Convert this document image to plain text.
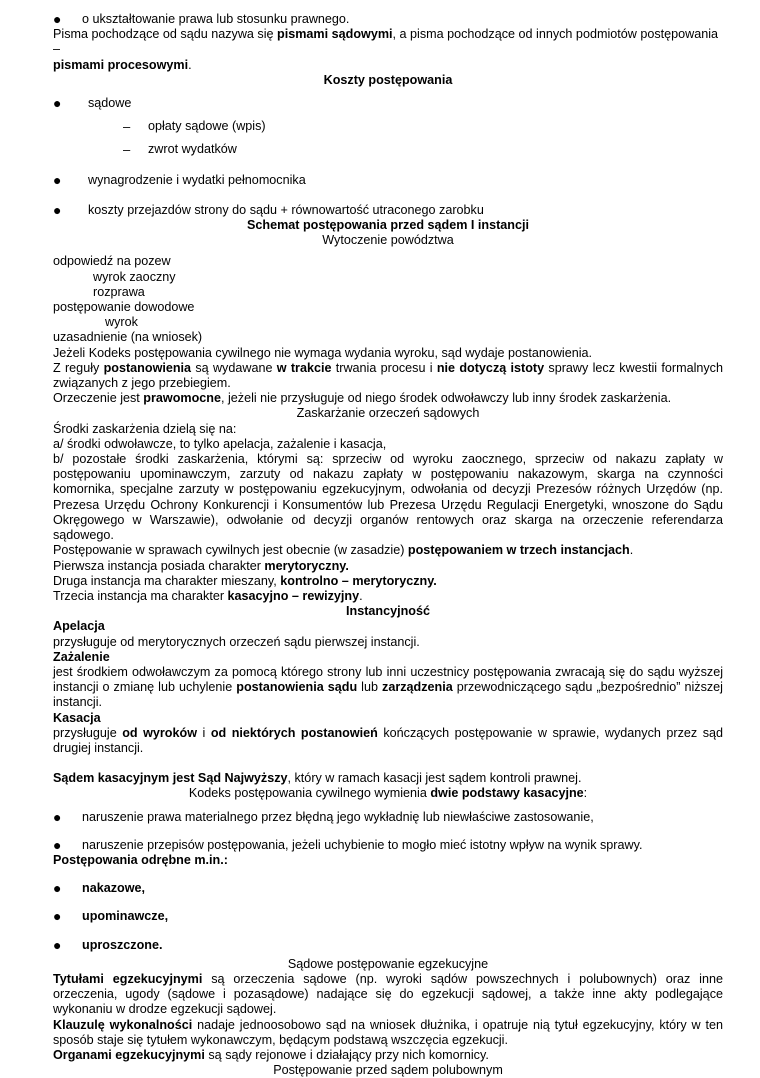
● o ukształtowanie prawa lub stosunku prawnego.

Pisma pochodzące od sądu nazywa się pismami sądowymi, a pisma pochodzące od innych podmiotów postępowania –
pismami procesowymi.

Koszty postępowania

● sądowe
– opłaty sądowe (wpis)
– zwrot wydatków
● wynagrodzenie i wydatki pełnomocnika
● koszty przejazdów strony do sądu + równowartość utraconego zarobku

Schemat postępowania przed sądem I instancji

Wytoczenie powództwa

odpowiedź na pozew

wyrok zaoczny

rozprawa

postępowanie dowodowe

wyrok

uzasadnienie (na wniosek)

Jeżeli Kodeks postępowania cywilnego nie wymaga wydania wyroku, sąd wydaje postanowienia.

Z reguły postanowienia są wydawane w trakcie trwania procesu i nie dotyczą istoty sprawy lecz kwestii formalnych związanych z jego przebiegiem.

Orzeczenie jest prawomocne, jeżeli nie przysługuje od niego środek odwoławczy lub inny środek zaskarżenia.

Zaskarżanie orzeczeń sądowych

Środki zaskarżenia dzielą się na:

a/ środki odwoławcze, to tylko apelacja, zażalenie i kasacja,

b/ pozostałe środki zaskarżenia, którymi są: sprzeciw od wyroku zaocznego, sprzeciw od nakazu zapłaty w postępowaniu upominawczym, zarzuty od nakazu zapłaty w postępowaniu nakazowym, skarga na czynności komornika, specjalne zarzuty w postępowaniu egzekucyjnym, odwołania od decyzji Prezesów różnych Urzędów (np. Prezesa Urzędu Ochrony Konkurencji i Konsumentów lub Prezesa Urzędu Regulacji Energetyki, wnoszone do Sądu Okręgowego w Warszawie), odwołanie od decyzji organów rentowych oraz skarga na orzeczenie referendarza sądowego.

Postępowanie w sprawach cywilnych jest obecnie (w zasadzie) postępowaniem w trzech instancjach.

Pierwsza instancja posiada charakter merytoryczny.

Druga instancja ma charakter mieszany, kontrolno – merytoryczny.

Trzecia instancja ma charakter kasacyjno – rewizyjny.

Instancyjność

Apelacja

przysługuje od merytorycznych orzeczeń sądu pierwszej instancji.

Zażalenie

jest środkiem odwoławczym za pomocą którego strony lub inni uczestnicy postępowania zwracają się do sądu wyższej instancji o zmianę lub uchylenie postanowienia sądu lub zarządzenia przewodniczącego sądu „bezpośrednio” niższej instancji.

Kasacja

przysługuje od wyroków i od niektórych postanowień kończących postępowanie w sprawie, wydanych przez sąd drugiej instancji.

Sądem kasacyjnym jest Sąd Najwyższy, który w ramach kasacji jest sądem kontroli prawnej.

Kodeks postępowania cywilnego wymienia dwie podstawy kasacyjne:

● naruszenie prawa materialnego przez błędną jego wykładnię lub niewłaściwe zastosowanie,
● naruszenie przepisów postępowania, jeżeli uchybienie to mogło mieć istotny wpływ na wynik sprawy.

Postępowania odrębne m.in.:

● nakazowe,
● upominawcze,
● uproszczone.

Sądowe postępowanie egzekucyjne

Tytułami egzekucyjnymi są orzeczenia sądowe (np. wyroki sądów powszechnych i polubownych) oraz inne orzeczenia, ugody (sądowe i pozasądowe) nadające się do egzekucji sądowej, a także inne akty podlegające wykonaniu w drodze egzekucji sądowej.

Klauzulę wykonalności nadaje jednoosobowo sąd na wniosek dłużnika, i opatruje nią tytuł egzekucyjny, który w ten sposób staje się tytułem wykonawczym, będącym podstawą wszczęcia egzekucji.

Organami egzekucyjnymi są sądy rejonowe i działający przy nich komornicy.

Postępowanie przed sądem polubownym
